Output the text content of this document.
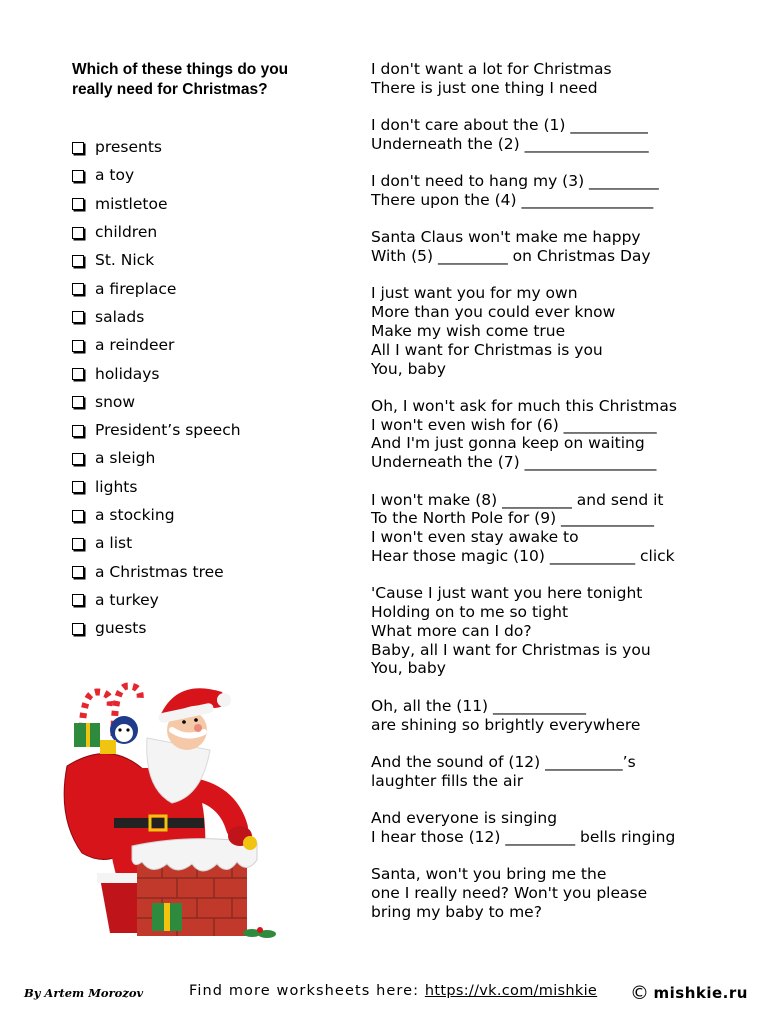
Which of these things do you
really need for Christmas?
presents
a toy
mistletoe
children
St. Nick
a fireplace
salads
a reindeer
holidays
snow
President’s speech
a sleigh
lights
a stocking
a list
a Christmas tree
a turkey
guests
I don't want a lot for Christmas
There is just one thing I need
I don't care about the (1) __________
Underneath the (2) ________________
I don't need to hang my (3) _________
There upon the (4) _________________
Santa Claus won't make me happy
With (5) _________ on Christmas Day
I just want you for my own
More than you could ever know
Make my wish come true
All I want for Christmas is you
You, baby
Oh, I won't ask for much this Christmas
I won't even wish for (6) ____________
And I'm just gonna keep on waiting
Underneath the (7) _________________
I won't make (8) _________ and send it
To the North Pole for (9) ____________
I won't even stay awake to
Hear those magic (10) ___________ click
'Cause I just want you here tonight
Holding on to me so tight
What more can I do?
Baby, all I want for Christmas is you
You, baby
Oh, all the (11) ____________
are shining so brightly everywhere
And the sound of (12) __________’s
laughter fills the air
And everyone is singing
I hear those (12) _________ bells ringing
Santa, won't you bring me the
one I really need? Won't you please
bring my baby to me?
By Artem Morozov	Find more worksheets here: https://vk.com/mishkie © mishkie.ru
